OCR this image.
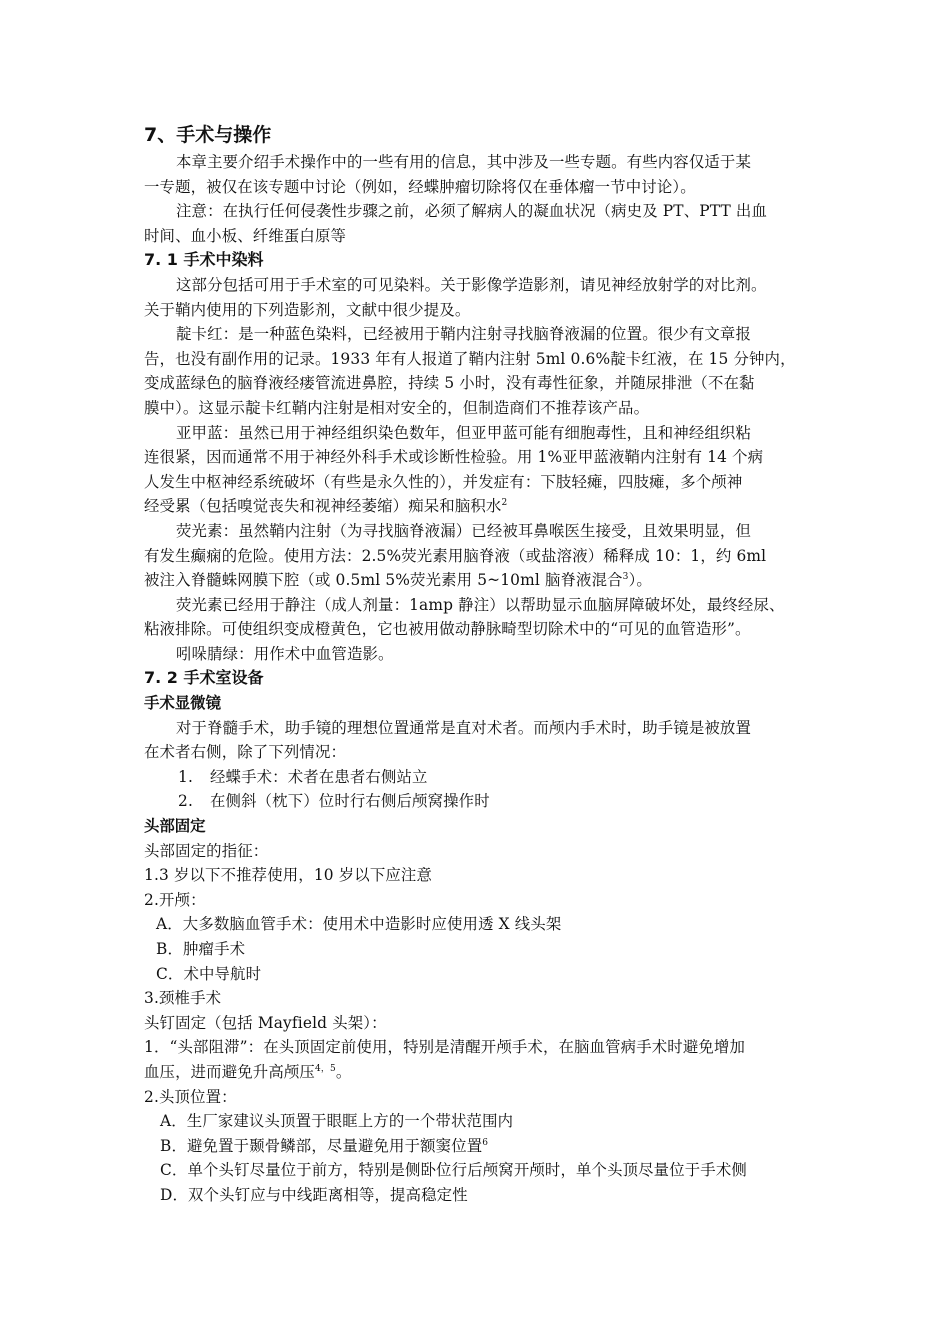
7、手术与操作
本章主要介绍手术操作中的一些有用的信息，其中涉及一些专题。有些内容仅适于某
一专题，被仅在该专题中讨论（例如，经蝶肿瘤切除将仅在垂体瘤一节中讨论）。
注意：在执行任何侵袭性步骤之前，必须了解病人的凝血状况（病史及 PT、PTT 出血
时间、血小板、纤维蛋白原等
7. 1 手术中染料
这部分包括可用于手术室的可见染料。关于影像学造影剂，请见神经放射学的对比剂。
关于鞘内使用的下列造影剂，文献中很少提及。
靛卡红：是一种蓝色染料，已经被用于鞘内注射寻找脑脊液漏的位置。很少有文章报
告，也没有副作用的记录。1933 年有人报道了鞘内注射 5ml 0.6%靛卡红液，在 15 分钟内，
变成蓝绿色的脑脊液经瘘管流进鼻腔，持续 5 小时，没有毒性征象，并随尿排泄（不在黏
膜中）。这显示靛卡红鞘内注射是相对安全的，但制造商们不推荐该产品。
亚甲蓝：虽然已用于神经组织染色数年，但亚甲蓝可能有细胞毒性，且和神经组织粘
连很紧，因而通常不用于神经外科手术或诊断性检验。用 1%亚甲蓝液鞘内注射有 14 个病
人发生中枢神经系统破坏（有些是永久性的），并发症有：下肢轻瘫，四肢瘫，多个颅神
经受累（包括嗅觉丧失和视神经萎缩）痴呆和脑积水$^2$
荧光素：虽然鞘内注射（为寻找脑脊液漏）已经被耳鼻喉医生接受，且效果明显，但
有发生癫痫的危险。使用方法：2.5%荧光素用脑脊液（或盐溶液）稀释成 10：1，约 6ml
被注入脊髓蛛网膜下腔（或 0.5ml 5%荧光素用 5~10ml 脑脊液混合$^3$）。
荧光素已经用于静注（成人剂量：1amp 静注）以帮助显示血脑屏障破坏处，最终经尿、
粘液排除。可使组织变成橙黄色，它也被用做动静脉畸型切除术中的“可见的血管造形”。
吲哚腈绿：用作术中血管造影。
7. 2 手术室设备
手术显微镜
对于脊髓手术，助手镜的理想位置通常是直对术者。而颅内手术时，助手镜是被放置
在术者右侧，除了下列情况：
1. 经蝶手术：术者在患者右侧站立
2. 在侧斜（枕下）位时行右侧后颅窝操作时
头部固定
头部固定的指征：
1.3 岁以下不推荐使用，10 岁以下应注意
2.开颅：
A．大多数脑血管手术：使用术中造影时应使用透 X 线头架
B．肿瘤手术
C．术中导航时
3.颈椎手术
头钉固定（包括 Mayfield 头架）：
1．“头部阻滞”：在头顶固定前使用，特别是清醒开颅手术，在脑血管病手术时避免增加
血压，进而避免升高颅压$^{4,5}$。
2.头顶位置：
A．生厂家建议头顶置于眼眶上方的一个带状范围内
B．避免置于颞骨鳞部，尽量避免用于额窦位置$^6$
C．单个头钉尽量位于前方，特别是侧卧位行后颅窝开颅时，单个头顶尽量位于手术侧
D．双个头钉应与中线距离相等，提高稳定性
